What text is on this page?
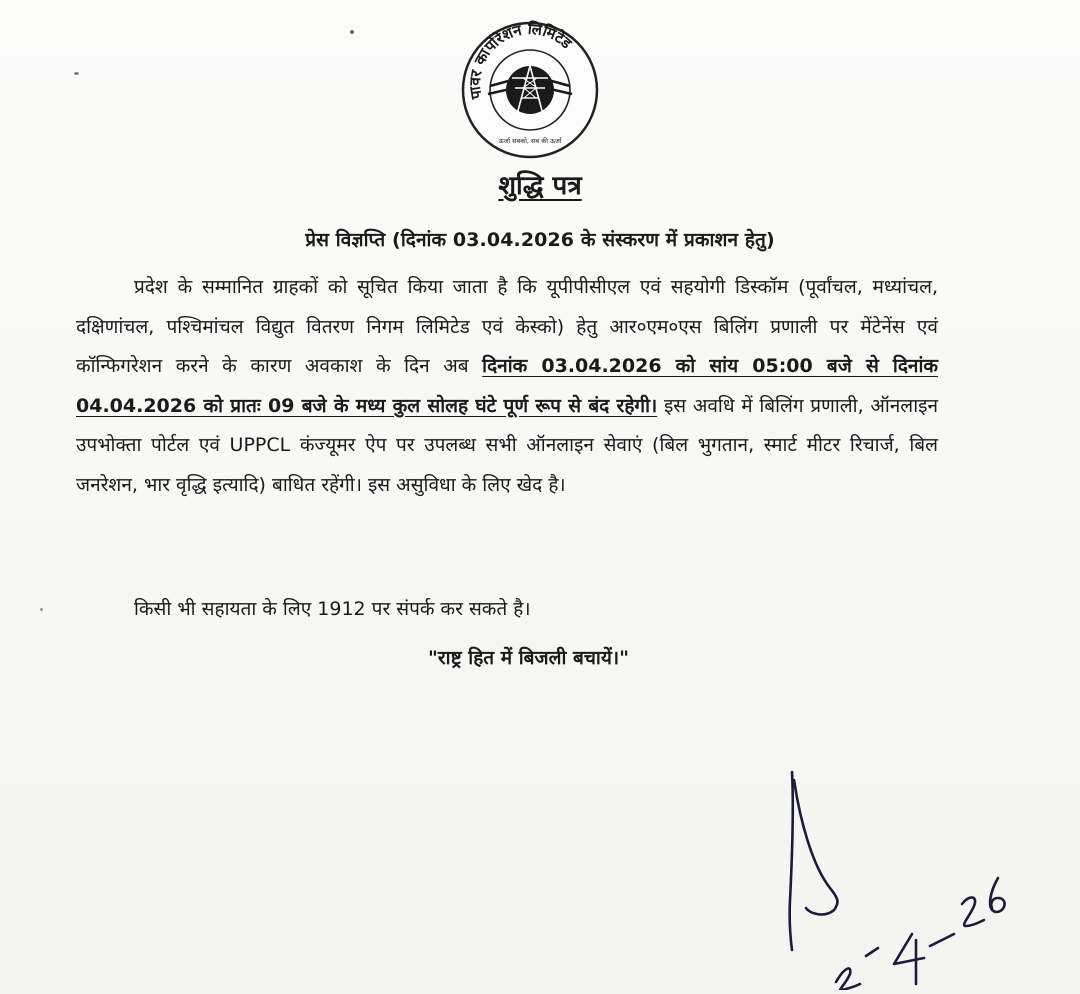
पावर कार्पोरेशन लिमिटेड
ऊर्जा सबको, सब की ऊर्जा
शुद्धि पत्र
प्रेस विज्ञप्ति (दिनांक 03.04.2026 के संस्करण में प्रकाशन हेतु)
प्रदेश के सम्मानित ग्राहकों को सूचित किया जाता है कि यूपीपीसीएल एवं सहयोगी डिस्कॉम (पूर्वांचल, मध्यांचल, दक्षिणांचल, पश्चिमांचल विद्युत वितरण निगम लिमिटेड एवं केस्को) हेतु आर०एम०एस बिलिंग प्रणाली पर मेंटेनेंस एवं कॉन्फिगरेशन करने के कारण अवकाश के दिन अब दिनांक 03.04.2026 को सांय 05:00 बजे से दिनांक 04.04.2026 को प्रातः 09 बजे के मध्य कुल सोलह घंटे पूर्ण रूप से बंद रहेगी। इस अवधि में बिलिंग प्रणाली, ऑनलाइन उपभोक्ता पोर्टल एवं UPPCL कंज्यूमर ऐप पर उपलब्ध सभी ऑनलाइन सेवाएं (बिल भुगतान, स्मार्ट मीटर रिचार्ज, बिल जनरेशन, भार वृद्धि इत्यादि) बाधित रहेंगी। इस असुविधा के लिए खेद है।
किसी भी सहायता के लिए 1912 पर संपर्क कर सकते है।
"राष्ट्र हित में बिजली बचायें।"
